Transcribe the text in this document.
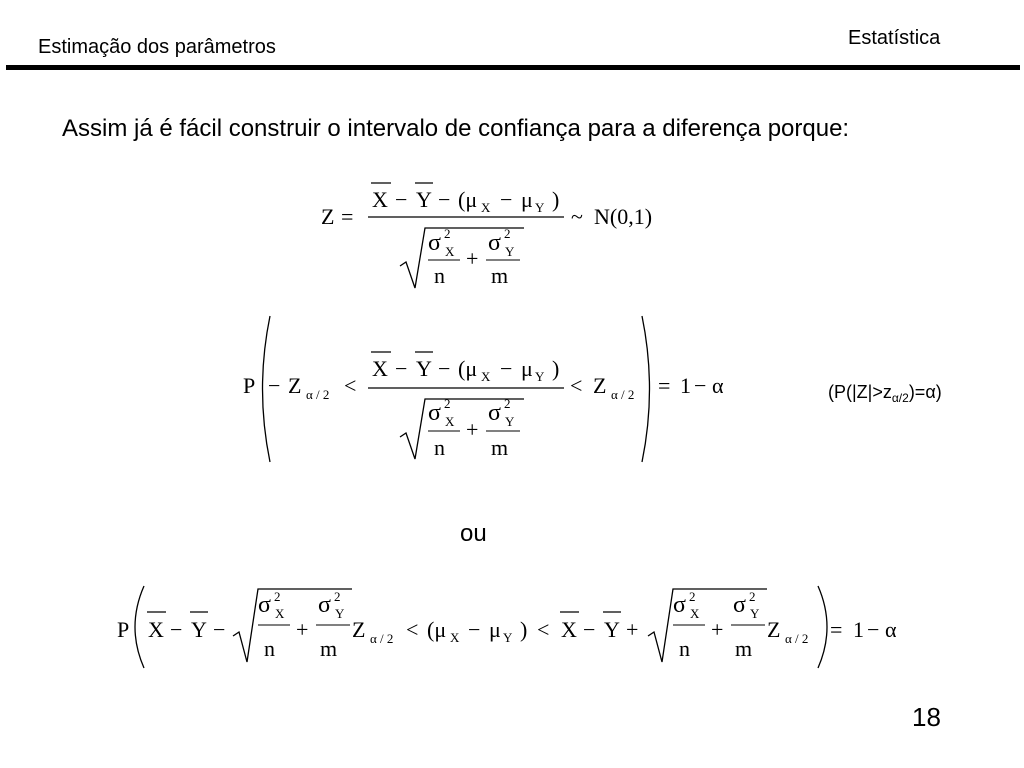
Estimação dos parâmetros	Estatística
Assim já é fácil construir o intervalo de confiança para a diferença porque:
Z =
X − Y − (μ X − μ Y )
σ 2
X
n
+
σ 2
Y
m
~ N(0,1)
P − Z α / 2 <
X − Y − (μ X − μ Y )
σ 2
X
n
+
σ 2
Y
m
< Z α / 2 = 1 − α
P X − Y −
σ 2
X
n
+
σ 2
Y
m
Z α / 2 < (μ X − μ Y ) < X − Y +
σ 2
X
n
+
σ 2
Y
m
Z α / 2 = 1 − α
$(P(|Z|>z_{\alpha/2})=\alpha)$
ou
18
